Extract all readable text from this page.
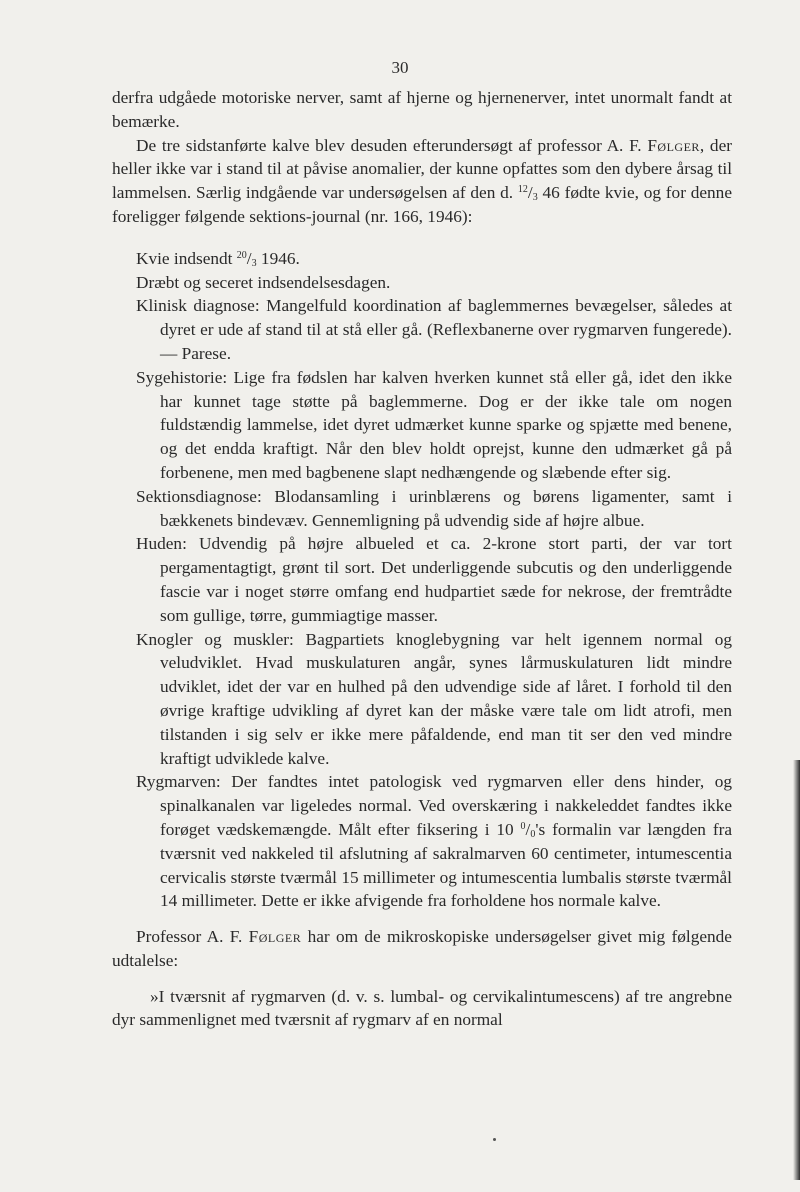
30

derfra udgåede motoriske nerver, samt af hjerne og hjernenerver, intet unormalt fandt at bemærke.

De tre sidstanførte kalve blev desuden efterundersøgt af professor A. F. Følger, der heller ikke var i stand til at påvise anomalier, der kunne opfattes som den dybere årsag til lammelsen. Særlig indgående var undersøgelsen af den d. $^{12}/_3$ 46 fødte kvie, og for denne foreligger følgende sektions-journal (nr. 166, 1946):

Kvie indsendt $^{20}/_3$ 1946.

Dræbt og seceret indsendelsesdagen.

Klinisk diagnose: Mangelfuld koordination af baglemmernes bevægelser, således at dyret er ude af stand til at stå eller gå. (Reflexbanerne over rygmarven fungerede). — Parese.

Sygehistorie: Lige fra fødslen har kalven hverken kunnet stå eller gå, idet den ikke har kunnet tage støtte på baglemmerne. Dog er der ikke tale om nogen fuldstændig lammelse, idet dyret udmærket kunne sparke og spjætte med benene, og det endda kraftigt. Når den blev holdt oprejst, kunne den udmærket gå på forbenene, men med bagbenene slapt nedhængende og slæbende efter sig.

Sektionsdiagnose: Blodansamling i urinblærens og børens ligamenter, samt i bækkenets bindevæv. Gennemligning på udvendig side af højre albue.

Huden: Udvendig på højre albueled et ca. 2-krone stort parti, der var tort pergamentagtigt, grønt til sort. Det underliggende subcutis og den underliggende fascie var i noget større omfang end hudpartiet sæde for nekrose, der fremtrådte som gullige, tørre, gummiagtige masser.

Knogler og muskler: Bagpartiets knoglebygning var helt igennem normal og veludviklet. Hvad muskulaturen angår, synes lårmuskulaturen lidt mindre udviklet, idet der var en hulhed på den udvendige side af låret. I forhold til den øvrige kraftige udvikling af dyret kan der måske være tale om lidt atrofi, men tilstanden i sig selv er ikke mere påfaldende, end man tit ser den ved mindre kraftigt udviklede kalve.

Rygmarven: Der fandtes intet patologisk ved rygmarven eller dens hinder, og spinalkanalen var ligeledes normal. Ved overskæring i nakkeleddet fandtes ikke forøget vædskemængde. Målt efter fiksering i 10 $^0/_0's$ formalin var længden fra tværsnit ved nakkeled til afslutning af sakralmarven 60 centimeter, intumescentia cervicalis største tværmål 15 millimeter og intumescentia lumbalis største tværmål 14 millimeter. Dette er ikke afvigende fra forholdene hos normale kalve.

Professor A. F. Følger har om de mikroskopiske undersøgelser givet mig følgende udtalelse:

»I tværsnit af rygmarven (d. v. s. lumbal- og cervikalintumescens) af tre angrebne dyr sammenlignet med tværsnit af rygmarv af en normal
